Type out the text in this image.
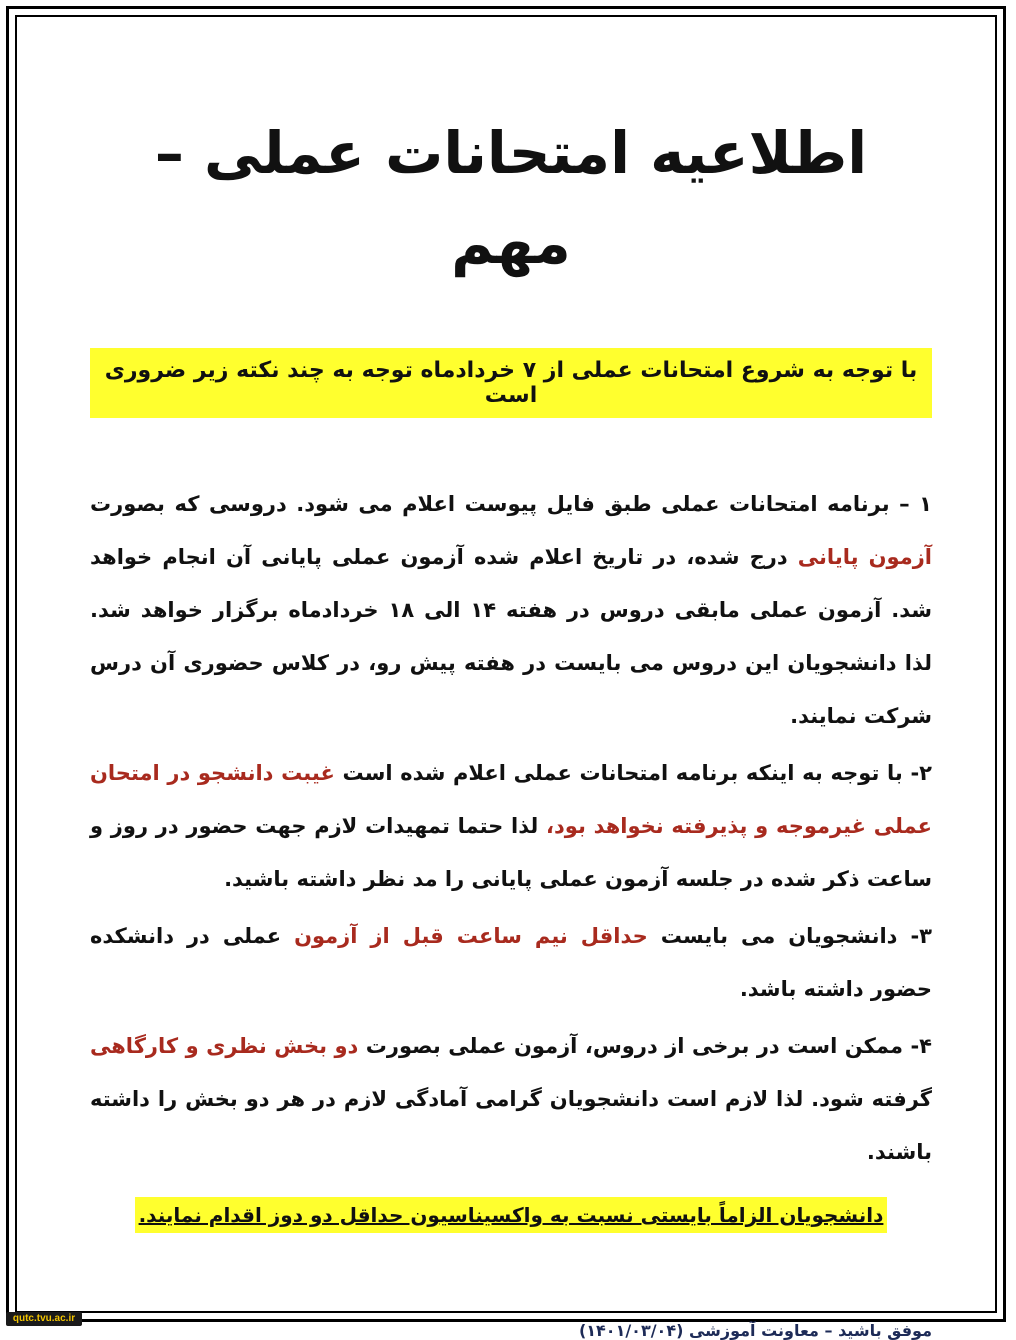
اطلاعیه امتحانات عملی – مهم
با توجه به شروع امتحانات عملی از ۷ خردادماه توجه به چند نکته زیر ضروری است

۱ – برنامه امتحانات عملی طبق فایل پیوست اعلام می شود. دروسی که بصورت آزمون پایانی درج شده، در تاریخ اعلام شده آزمون عملی پایانی آن انجام خواهد شد. آزمون عملی مابقی دروس در هفته ۱۴ الی ۱۸ خردادماه برگزار خواهد شد. لذا دانشجویان این دروس می بایست در هفته پیش رو، در کلاس حضوری آن درس شرکت نمایند.

۲- با توجه به اینکه برنامه امتحانات عملی اعلام شده است غیبت دانشجو در امتحان عملی غیرموجه و پذیرفته نخواهد بود، لذا حتما تمهیدات لازم جهت حضور در روز و ساعت ذکر شده در جلسه آزمون عملی پایانی را مد نظر داشته باشید.

۳- دانشجویان می بایست حداقل نیم ساعت قبل از آزمون عملی در دانشکده حضور داشته باشد.

۴- ممکن است در برخی از دروس، آزمون عملی بصورت دو بخش نظری و کارگاهی گرفته شود. لذا لازم است دانشجویان گرامی آمادگی لازم در هر دو بخش را داشته باشند.

دانشجویان الزاماً بایستی نسبت به واکسیناسیون حداقل دو دوز اقدام نمایند.
موفق باشید – معاونت آموزشی (۱۴۰۱/۰۳/۰۴)
qutc.tvu.ac.ir
